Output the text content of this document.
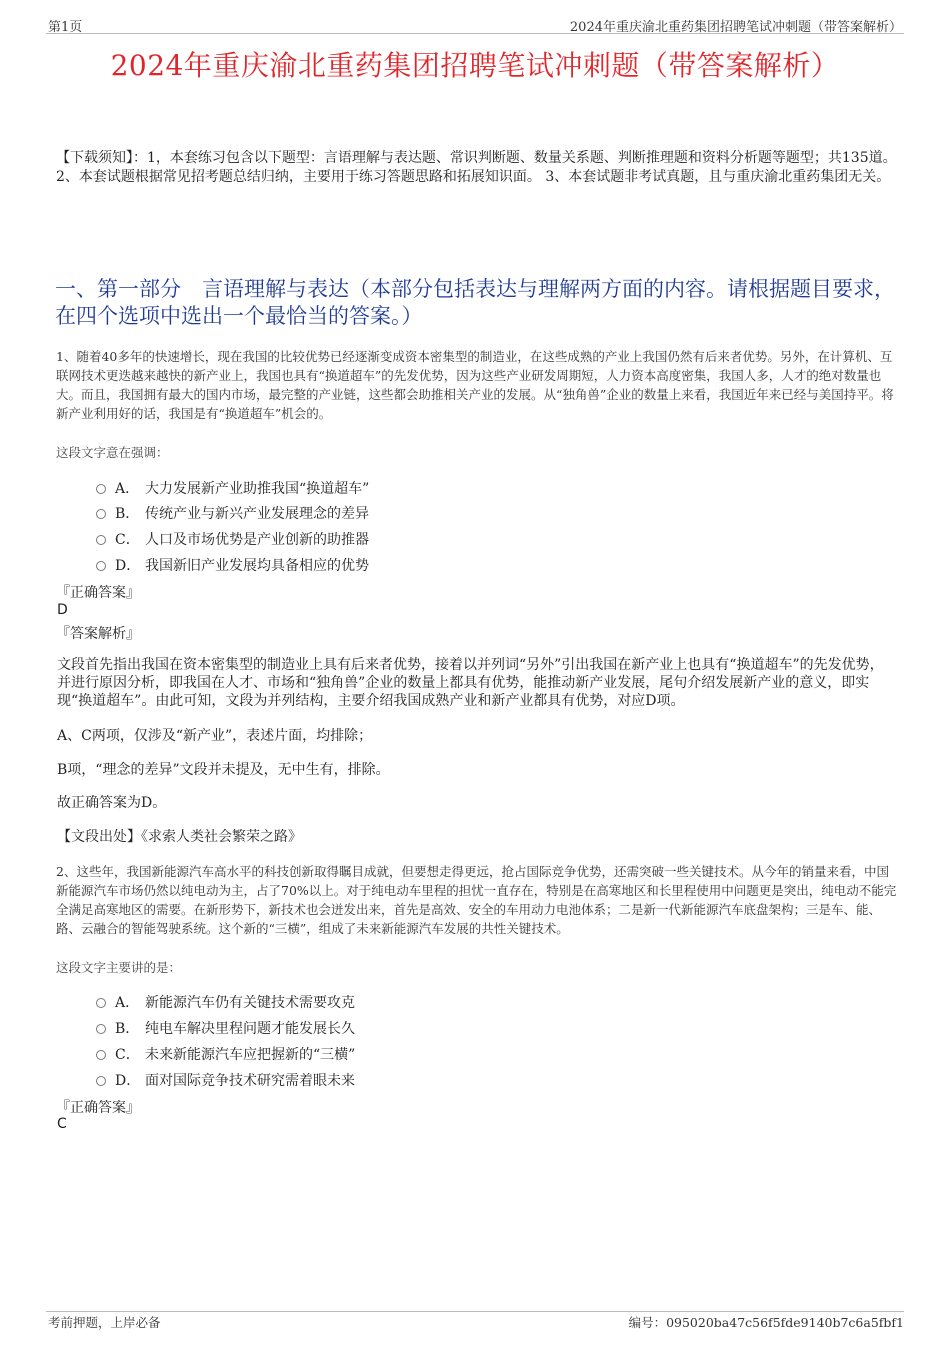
第1页	2024年重庆渝北重药集团招聘笔试冲刺题（带答案解析）
2024年重庆渝北重药集团招聘笔试冲刺题（带答案解析）
【下载须知】：1，本套练习包含以下题型：言语理解与表达题、常识判断题、数量关系题、判断推理题和资料分析题等题型；共135道。 2、本套试题根据常见招考题总结归纳，主要用于练习答题思路和拓展知识面。 3、本套试题非考试真题，且与重庆渝北重药集团无关。
一、第一部分　言语理解与表达（本部分包括表达与理解两方面的内容。请根据题目要求，在四个选项中选出一个最恰当的答案。）
1、随着40多年的快速增长，现在我国的比较优势已经逐渐变成资本密集型的制造业，在这些成熟的产业上我国仍然有后来者优势。另外，在计算机、互联网技术更迭越来越快的新产业上，我国也具有“换道超车”的先发优势，因为这些产业研发周期短，人力资本高度密集，我国人多，人才的绝对数量也大。而且，我国拥有最大的国内市场，最完整的产业链，这些都会助推相关产业的发展。从“独角兽”企业的数量上来看，我国近年来已经与美国持平。将新产业利用好的话，我国是有“换道超车”机会的。
这段文字意在强调：
A． 大力发展新产业助推我国“换道超车”
B． 传统产业与新兴产业发展理念的差异
C． 人口及市场优势是产业创新的助推器
D． 我国新旧产业发展均具备相应的优势
『正确答案』
D
『答案解析』
文段首先指出我国在资本密集型的制造业上具有后来者优势，接着以并列词“另外”引出我国在新产业上也具有“换道超车”的先发优势，并进行原因分析，即我国在人才、市场和“独角兽”企业的数量上都具有优势，能推动新产业发展，尾句介绍发展新产业的意义，即实现“换道超车”。由此可知，文段为并列结构，主要介绍我国成熟产业和新产业都具有优势，对应D项。
A、C两项，仅涉及“新产业”，表述片面，均排除；
B项，“理念的差异”文段并未提及，无中生有，排除。
故正确答案为D。
【文段出处】《求索人类社会繁荣之路》
2、这些年，我国新能源汽车高水平的科技创新取得瞩目成就，但要想走得更远，抢占国际竞争优势，还需突破一些关键技术。从今年的销量来看，中国新能源汽车市场仍然以纯电动为主，占了70%以上。对于纯电动车里程的担忧一直存在，特别是在高寒地区和长里程使用中问题更是突出，纯电动不能完全满足高寒地区的需要。在新形势下，新技术也会迸发出来，首先是高效、安全的车用动力电池体系；二是新一代新能源汽车底盘架构；三是车、能、路、云融合的智能驾驶系统。这个新的“三横”，组成了未来新能源汽车发展的共性关键技术。
这段文字主要讲的是：
A． 新能源汽车仍有关键技术需要攻克
B． 纯电车解决里程问题才能发展长久
C． 未来新能源汽车应把握新的“三横”
D． 面对国际竞争技术研究需着眼未来
『正确答案』
C
考前押题，上岸必备	编号：095020ba47c56f5fde9140b7c6a5fbf1
